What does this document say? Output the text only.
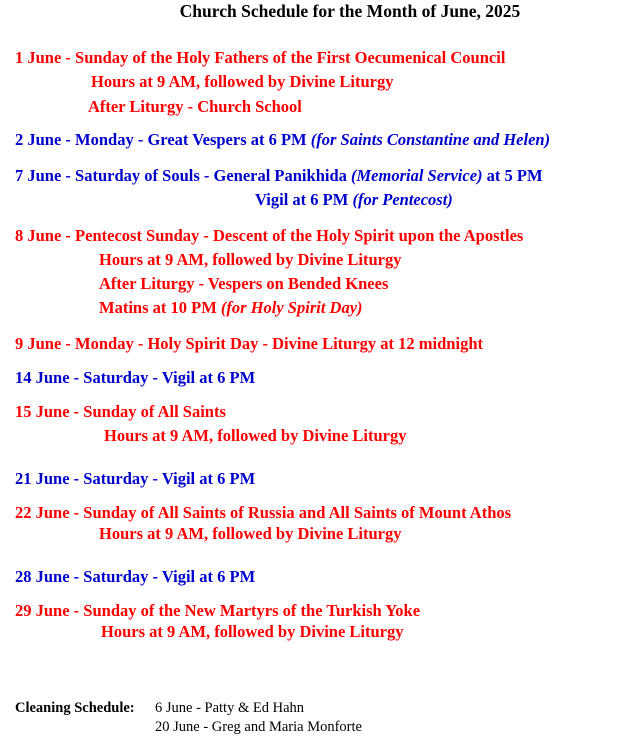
Church Schedule for the Month of June, 2025
1 June - Sunday of the Holy Fathers of the First Oecumenical Council
Hours at 9 AM, followed by Divine Liturgy
After Liturgy - Church School
2 June - Monday - Great Vespers at 6 PM (for Saints Constantine and Helen)
7 June - Saturday of Souls - General Panikhida (Memorial Service) at 5 PM
Vigil at 6 PM (for Pentecost)
8 June - Pentecost Sunday - Descent of the Holy Spirit upon the Apostles
Hours at 9 AM, followed by Divine Liturgy
After Liturgy - Vespers on Bended Knees
Matins at 10 PM (for Holy Spirit Day)
9 June - Monday - Holy Spirit Day - Divine Liturgy at 12 midnight
14 June - Saturday - Vigil at 6 PM
15 June - Sunday of All Saints
Hours at 9 AM, followed by Divine Liturgy
21 June - Saturday - Vigil at 6 PM
22 June - Sunday of All Saints of Russia and All Saints of Mount Athos
Hours at 9 AM, followed by Divine Liturgy
28 June - Saturday - Vigil at 6 PM
29 June - Sunday of the New Martyrs of the Turkish Yoke
Hours at 9 AM, followed by Divine Liturgy
Cleaning Schedule: 6 June - Patty & Ed Hahn
20 June - Greg and Maria Monforte
